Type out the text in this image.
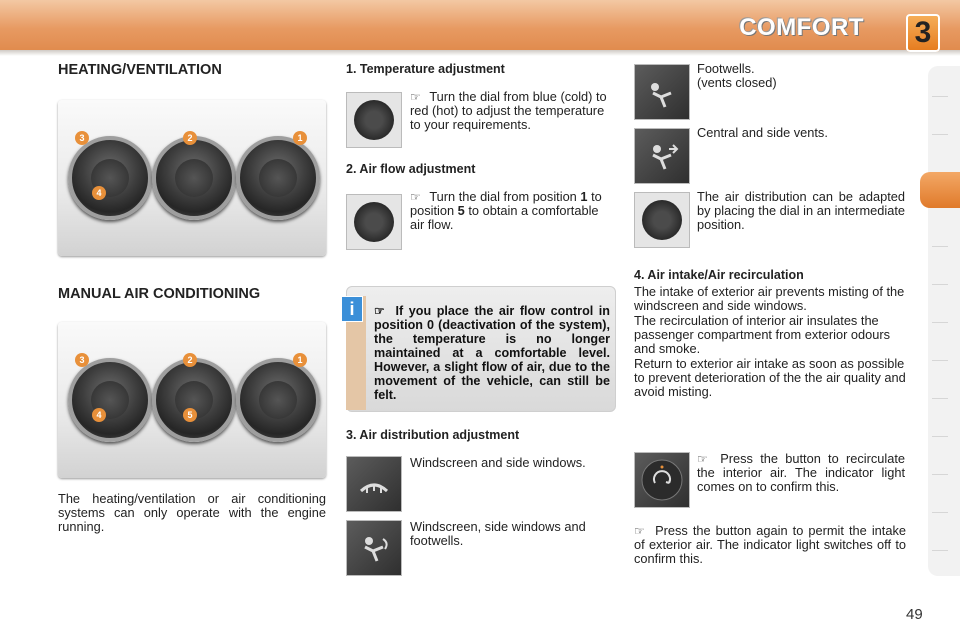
COMFORT 3
HEATING/VENTILATION
3	2	1
4
MANUAL AIR CONDITIONING
3	2	1
4	5
The heating/ventilation or air conditioning systems can only operate with the engine running.
1. Temperature adjustment
☞ Turn the dial from blue (cold) to red (hot) to adjust the temperature to your requirements.
2. Air flow adjustment
☞ Turn the dial from position 1 to position 5 to obtain a comfortable air flow.
i	☞ If you place the air flow control in position 0 (deactivation of the system), the temperature is no longer maintained at a comfortable level. However, a slight flow of air, due to the movement of the vehicle, can still be felt.
3. Air distribution adjustment
Windscreen and side windows.
Windscreen, side windows and footwells.
Footwells.
(vents closed)
Central and side vents.
The air distribution can be adapted by placing the dial in an intermediate position.
4. Air intake/Air recirculation
The intake of exterior air prevents misting of the windscreen and side windows.
The recirculation of interior air insulates the passenger compartment from exterior odours and smoke.
Return to exterior air intake as soon as possible to prevent deterioration of the the air quality and avoid misting.
☞ Press the button to recirculate the interior air. The indicator light comes on to confirm this.
☞ Press the button again to permit the intake of exterior air. The indicator light switches off to confirm this.
49
